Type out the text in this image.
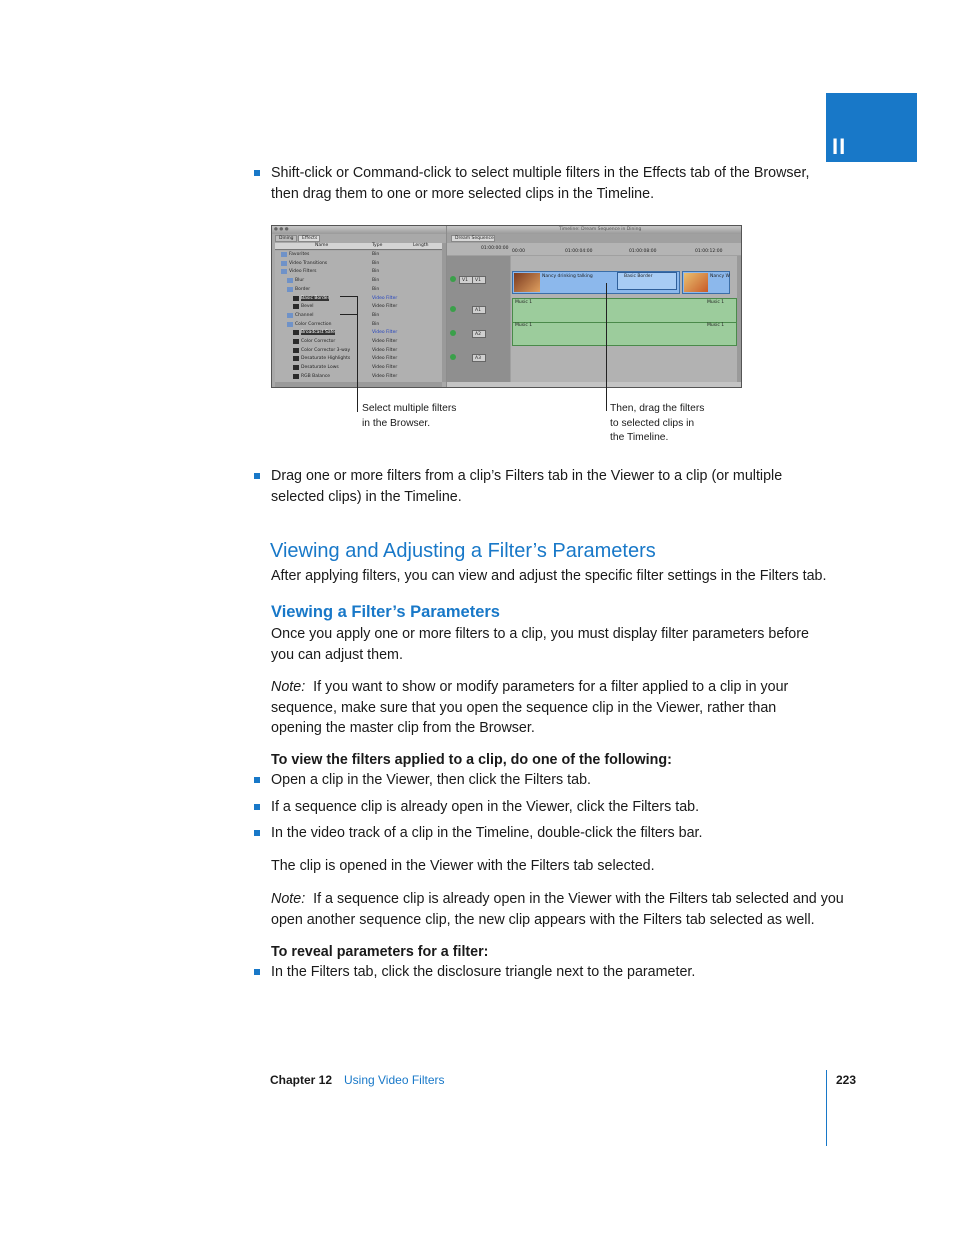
II
Shift-click or Command-click to select multiple filters in the Effects tab of the Browser,
then drag them to one or more selected clips in the Timeline.
● ● ●
Dining Effects
Name	Type	Length
Favorites	Bin
Video Transitions	Bin
Video Filters	Bin
Blur	Bin
Border	Bin
Basic Border	Video Filter
Bevel	Video Filter
Channel	Bin
Color Correction	Bin
Broadcast Safe	Video Filter
Color Corrector	Video Filter
Color Corrector 3-way	Video Filter
Desaturate Highlights	Video Filter
Desaturate Lows	Video Filter
RGB Balance	Video Filter
Timeline: Dream Sequence in Dining
Dream Sequence
01:00:00:00
00:00	01:00:04:00	01:00:08:00	01:00:12:00
V1 V1
A1
A2
A3
Nancy drinking talking	Basic Border	Nancy W
Music 1	Music 1
Music 1	Music 1
Select multiple filters
in the Browser.
Then, drag the filters
to selected clips in
the Timeline.
Drag one or more filters from a clip’s Filters tab in the Viewer to a clip (or multiple
selected clips) in the Timeline.
Viewing and Adjusting a Filter’s Parameters
After applying filters, you can view and adjust the specific filter settings in the Filters tab.
Viewing a Filter’s Parameters
Once you apply one or more filters to a clip, you must display filter parameters before
you can adjust them.
Note: If you want to show or modify parameters for a filter applied to a clip in your
sequence, make sure that you open the sequence clip in the Viewer, rather than
opening the master clip from the Browser.
To view the filters applied to a clip, do one of the following:
Open a clip in the Viewer, then click the Filters tab.
If a sequence clip is already open in the Viewer, click the Filters tab.
In the video track of a clip in the Timeline, double-click the filters bar.
The clip is opened in the Viewer with the Filters tab selected.
Note: If a sequence clip is already open in the Viewer with the Filters tab selected and you
open another sequence clip, the new clip appears with the Filters tab selected as well.
To reveal parameters for a filter:
In the Filters tab, click the disclosure triangle next to the parameter.
Chapter 12 Using Video Filters	223
